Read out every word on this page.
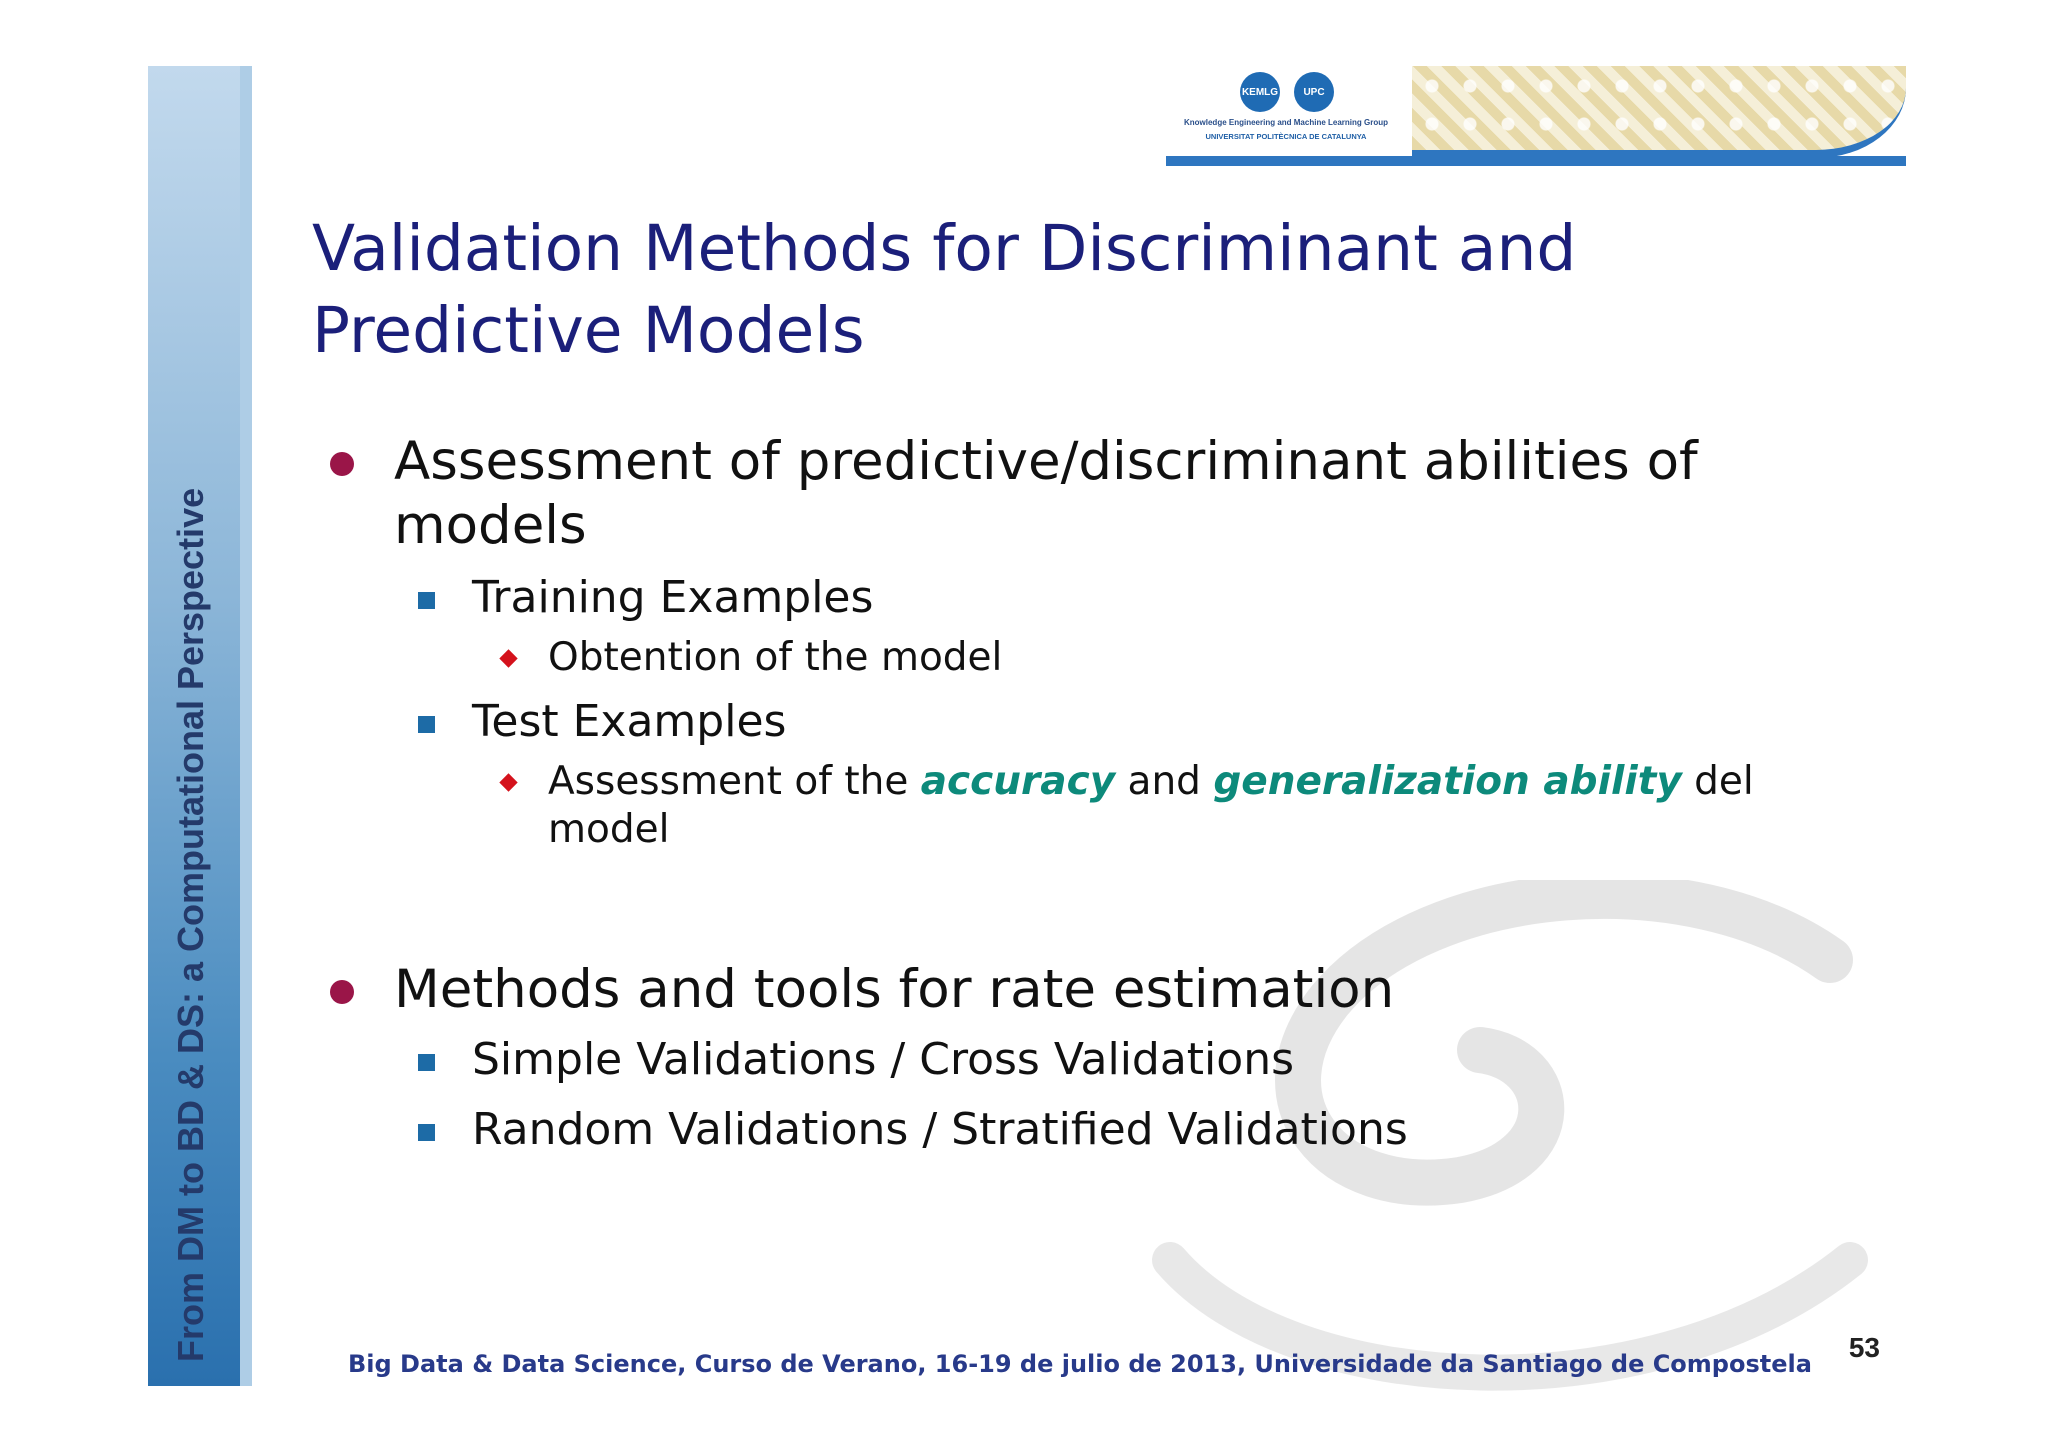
From DM to BD & DS: a Computational Perspective
KEMLG	UPC
Knowledge Engineering and Machine Learning Group
UNIVERSITAT POLITÈCNICA DE CATALUNYA
Validation Methods for Discriminant and Predictive Models
Assessment of predictive/discriminant abilities of models
Training Examples
Obtention of the model
Test Examples
Assessment of the accuracy and generalization ability del model
Methods and tools for rate estimation
Simple Validations / Cross Validations
Random Validations / Stratified Validations
Big Data & Data Science, Curso de Verano, 16-19 de julio de 2013, Universidade da Santiago de Compostela
53
